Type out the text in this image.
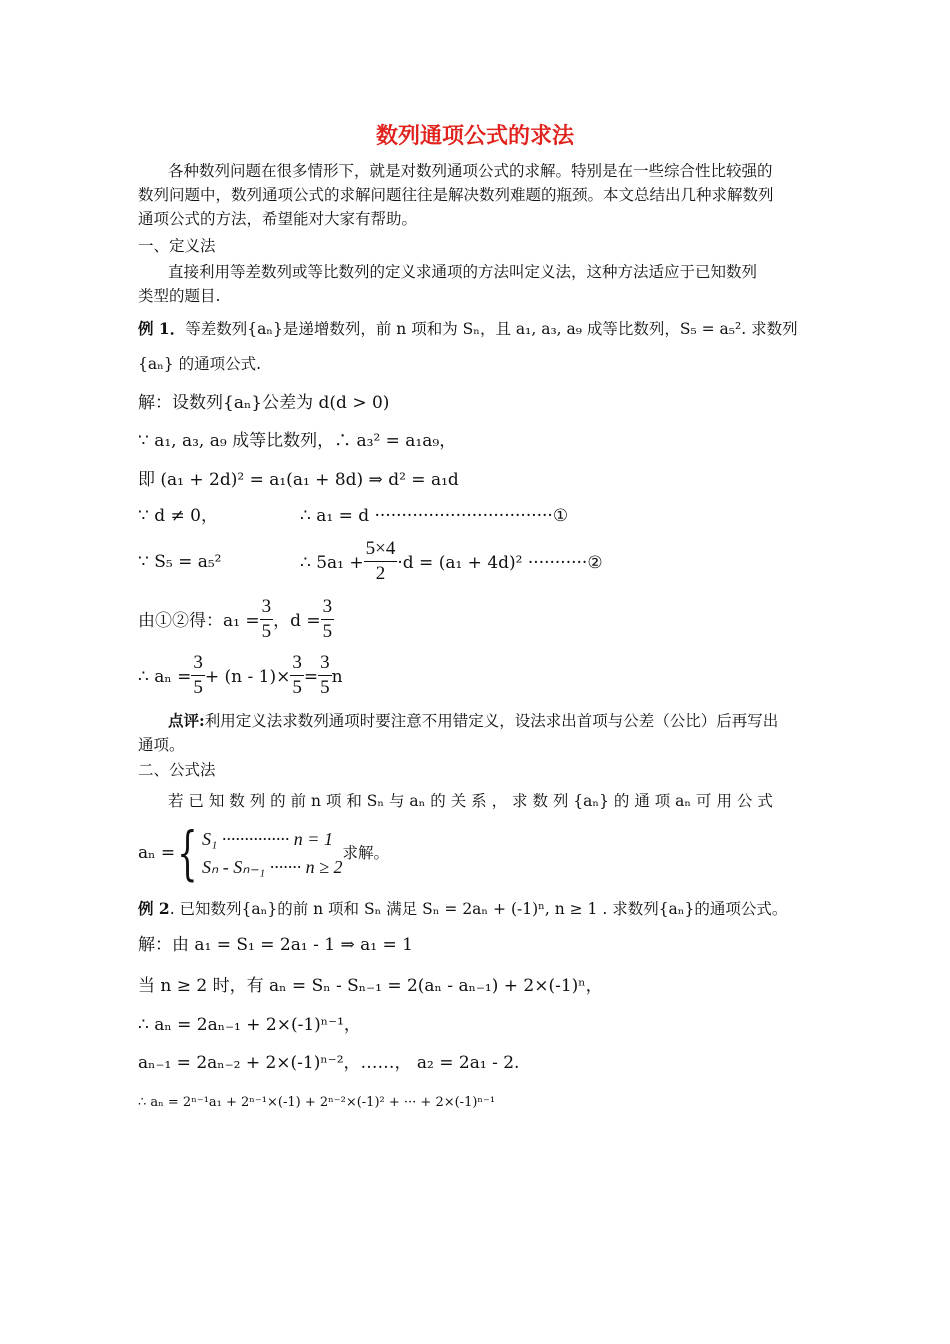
数列通项公式的求法
各种数列问题在很多情形下，就是对数列通项公式的求解。特别是在一些综合性比较强的
数列问题中，数列通项公式的求解问题往往是解决数列难题的瓶颈。本文总结出几种求解数列
通项公式的方法，希望能对大家有帮助。
一、定义法
直接利用等差数列或等比数列的定义求通项的方法叫定义法，这种方法适应于已知数列
类型的题目.
例 1．等差数列{aₙ}是递增数列，前 n 项和为 Sₙ，且 a₁, a₃, a₉ 成等比数列，S₅ = a₅². 求数列
{aₙ} 的通项公式.
解：设数列{aₙ}公差为 d(d > 0)
∵ a₁, a₃, a₉ 成等比数列，∴ a₃² = a₁a₉，
即 (a₁ + 2d)² = a₁(a₁ + 8d) ⇒ d² = a₁d
∵ d ≠ 0，	∴ a₁ = d ·································①
∵ S₅ = a₅²	∴ $5a_1 + \frac{5\times 4}{2} \cdot d = (a_1 + 4d)^2$ ···········②
由①②得：$a_1 = \frac{3}{5}$ ，$d = \frac{3}{5}$
∴ $a_n = \frac{3}{5} + (n - 1)\times \frac{3}{5} = \frac{3}{5}$ n
点评:利用定义法求数列通项时要注意不用错定义，设法求出首项与公差（公比）后再写出
通项。
二、公式法
若 已 知 数 列 的 前 n 项 和 Sₙ 与 aₙ 的 关 系 ， 求 数 列 {aₙ} 的 通 项 aₙ 可 用 公 式
aₙ = { S₁ ··············· n = 1
Sₙ - Sₙ₋₁ ······· n ≥ 2
求解。
例 2. 已知数列{aₙ}的前 n 项和 Sₙ 满足 Sₙ = 2aₙ + (-1)ⁿ, n ≥ 1 . 求数列{aₙ}的通项公式。
解：由 a₁ = S₁ = 2a₁ - 1 ⇒ a₁ = 1
当 n ≥ 2 时，有 aₙ = Sₙ - Sₙ₋₁ = 2(aₙ - aₙ₋₁) + 2×(-1)ⁿ，
∴ aₙ = 2aₙ₋₁ + 2×(-1)ⁿ⁻¹，
aₙ₋₁ = 2aₙ₋₂ + 2×(-1)ⁿ⁻²，……， a₂ = 2a₁ - 2.
∴ aₙ = 2ⁿ⁻¹a₁ + 2ⁿ⁻¹×(-1) + 2ⁿ⁻²×(-1)² + ··· + 2×(-1)ⁿ⁻¹
